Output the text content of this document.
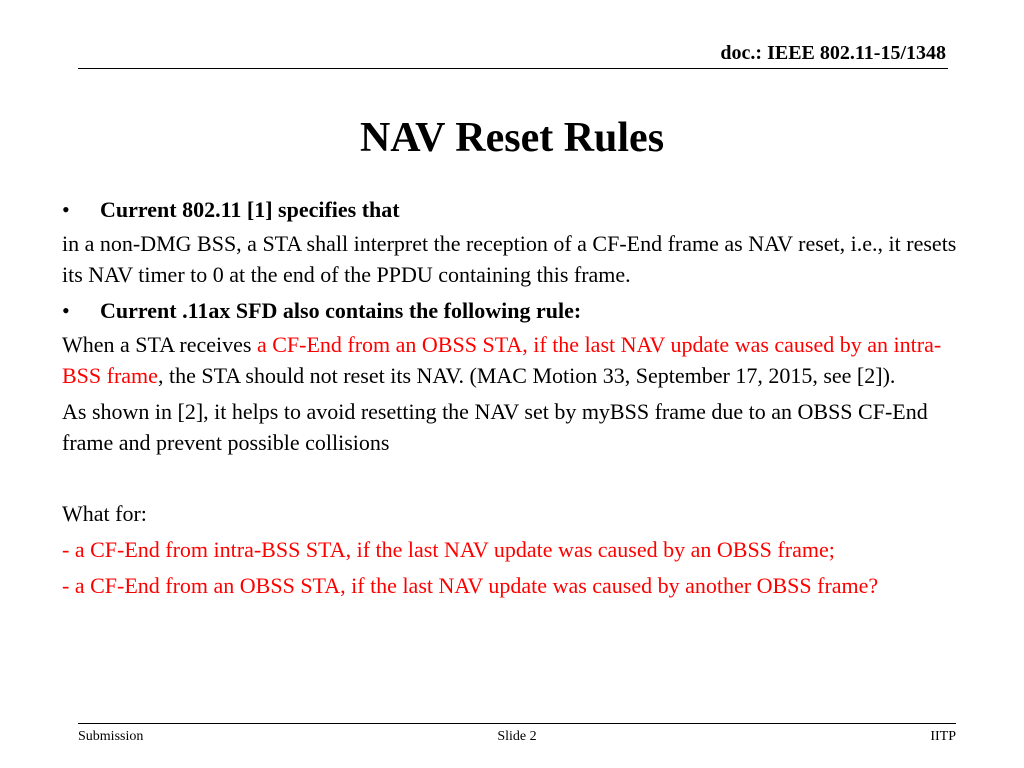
doc.: IEEE 802.11-15/1348
NAV Reset Rules
•	Current 802.11 [1] specifies that

in a non-DMG BSS, a STA shall interpret the reception of a CF-End frame as NAV reset, i.e., it resets its NAV timer to 0 at the end of the PPDU containing this frame.

•	Current .11ax SFD also contains the following rule:

When a STA receives a CF-End from an OBSS STA, if the last NAV update was caused by an intra-BSS frame, the STA should not reset its NAV. (MAC Motion 33, September 17, 2015, see [2]).

As shown in [2], it helps to avoid resetting the NAV set by myBSS frame due to an OBSS CF-End frame and prevent possible collisions

What for:

- a CF-End from intra-BSS STA, if the last NAV update was caused by an OBSS frame;

- a CF-End from an OBSS STA, if the last NAV update was caused by another OBSS frame?

Submission	Slide 2	IITP
